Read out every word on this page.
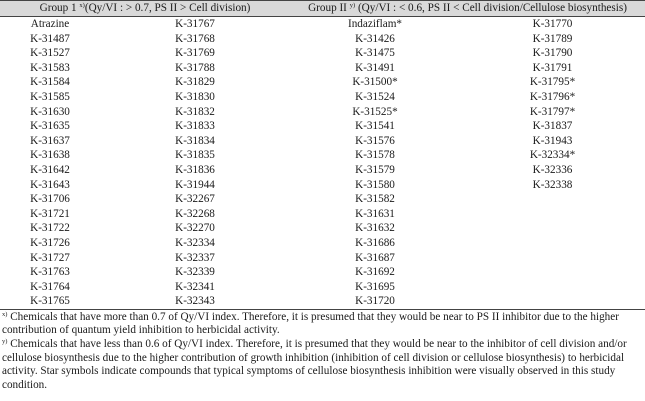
Group 1 $^{x)}$(Qy/VI : > 0.7, PS II > Cell division)		Group II $^{y)}$ (Qy/VI : < 0.6, PS II < Cell division/Cellulose biosynthesis)	
Atrazine	K-31767	Indaziflam*	K-31770
K-31487	K-31768	K-31426	K-31789
K-31527	K-31769	K-31475	K-31790
K-31583	K-31788	K-31491	K-31791
K-31584	K-31829	K-31500*	K-31795*
K-31585	K-31830	K-31524	K-31796*
K-31630	K-31832	K-31525*	K-31797*
K-31635	K-31833	K-31541	K-31837
K-31637	K-31834	K-31576	K-31943
K-31638	K-31835	K-31578	K-32334*
K-31642	K-31836	K-31579	K-32336
K-31643	K-31944	K-31580	K-32338
K-31706	K-32267	K-31582	
K-31721	K-32268	K-31631	
K-31722	K-32270	K-31632	
K-31726	K-32334	K-31686	
K-31727	K-32337	K-31687	
K-31763	K-32339	K-31692	
K-31764	K-32341	K-31695	
K-31765	K-32343	K-31720	

$^{x)}$ Chemicals that have more than 0.7 of Qy/VI index. Therefore, it is presumed that they would be near to PS II inhibitor due to the higher contribution of quantum yield inhibition to herbicidal activity.

$^{y)}$ Chemicals that have less than 0.6 of Qy/VI index. Therefore, it is presumed that they would be near to the inhibitor of cell division and/or cellulose biosynthesis due to the higher contribution of growth inhibition (inhibition of cell division or cellulose biosynthesis) to herbicidal activity. Star symbols indicate compounds that typical symptoms of cellulose biosynthesis inhibition were visually observed in this study condition.
